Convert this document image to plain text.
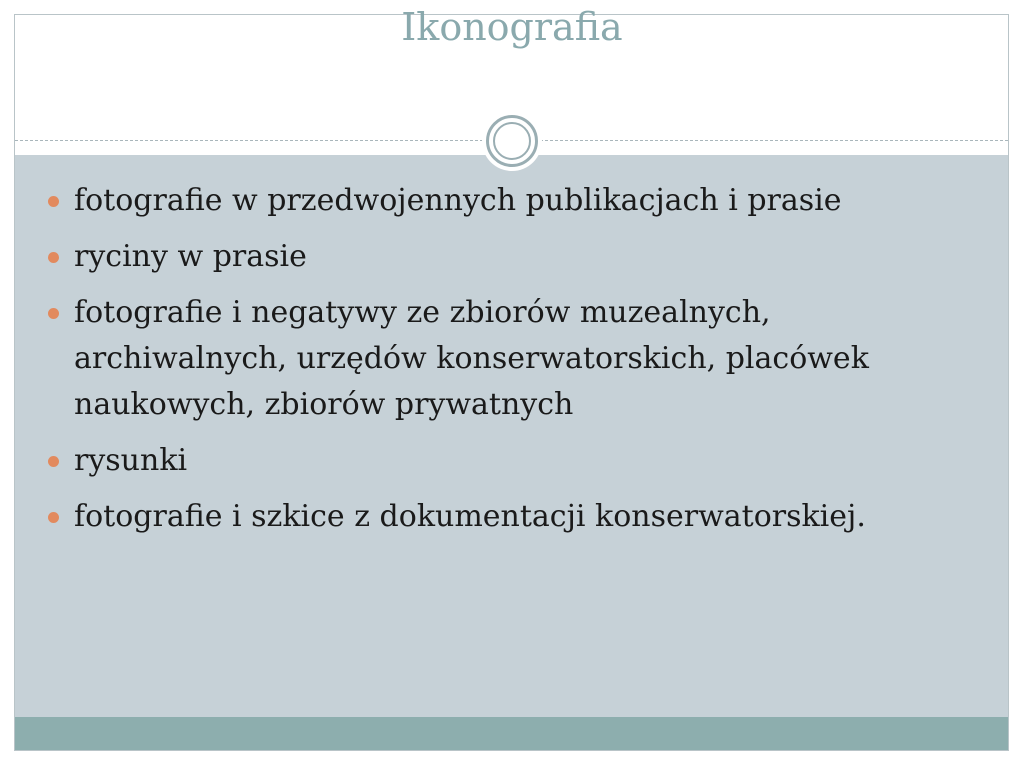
Ikonografia
fotografie w przedwojennych publikacjach i prasie
ryciny w prasie
fotografie i negatywy ze zbiorów muzealnych, archiwalnych, urzędów konserwatorskich, placówek naukowych, zbiorów prywatnych
rysunki
fotografie i szkice z dokumentacji konserwatorskiej.
